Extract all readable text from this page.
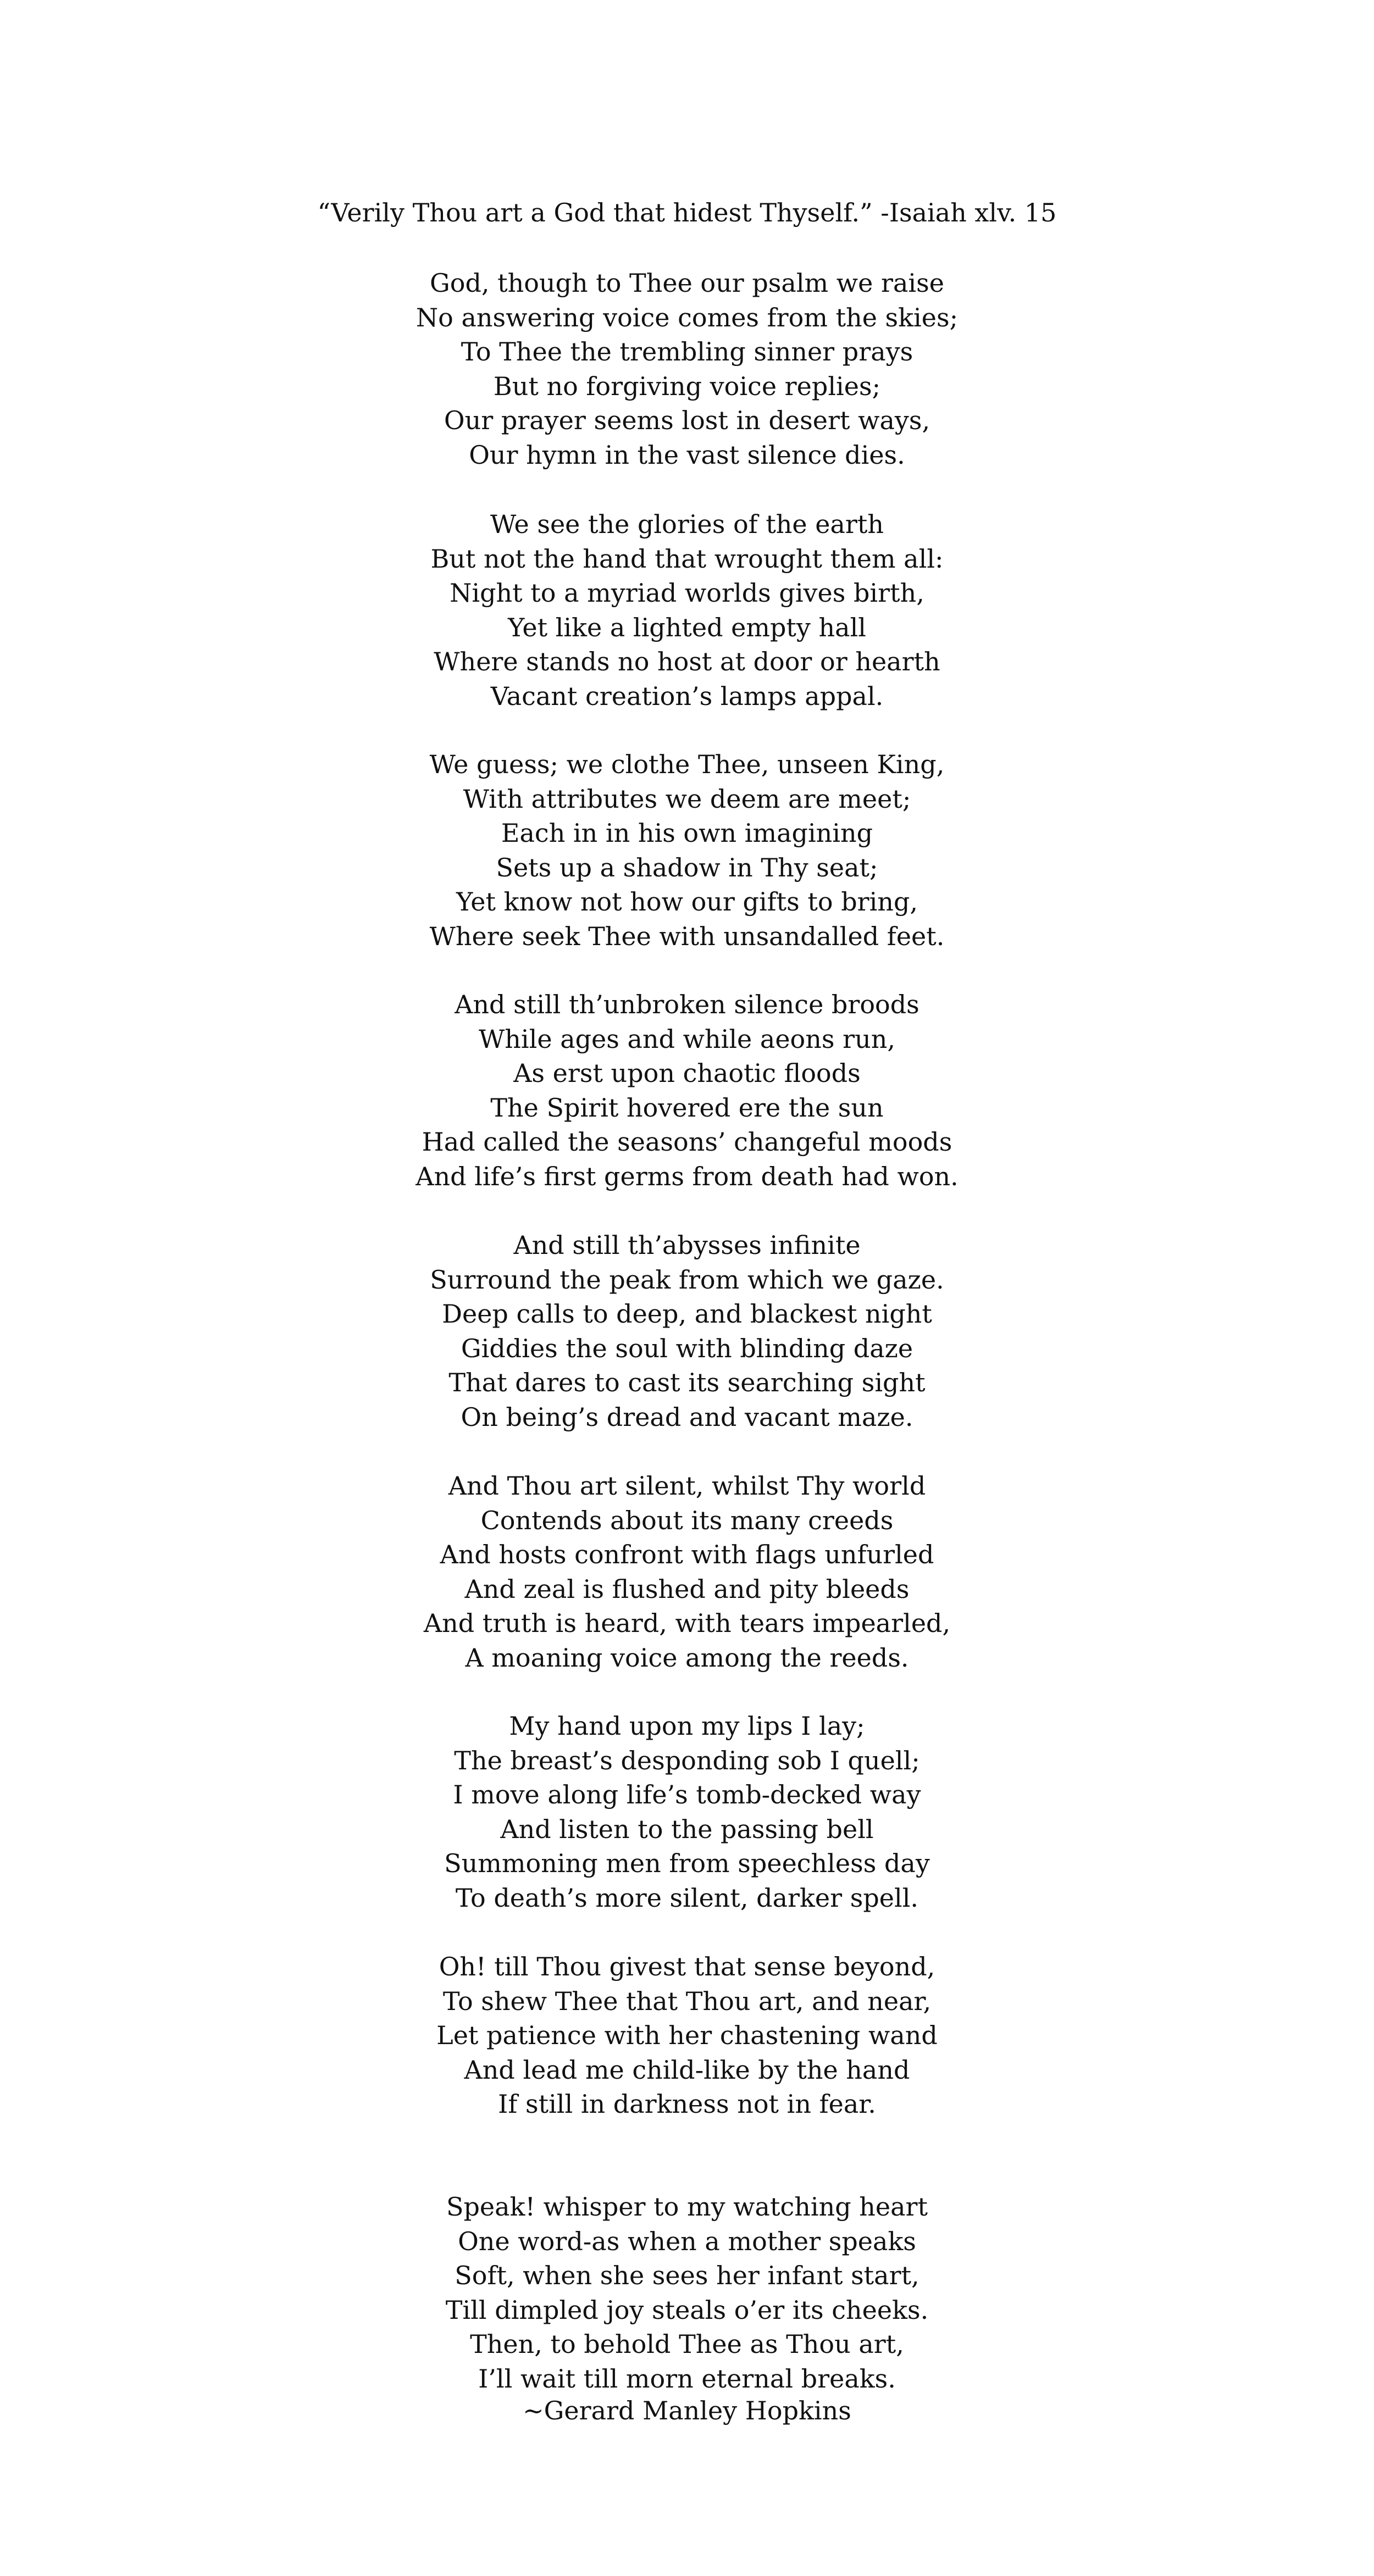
“Verily Thou art a God that hidest Thyself.” -Isaiah xlv. 15

God, though to Thee our psalm we raise
No answering voice comes from the skies;
To Thee the trembling sinner prays
But no forgiving voice replies;
Our prayer seems lost in desert ways,
Our hymn in the vast silence dies.
We see the glories of the earth
But not the hand that wrought them all:
Night to a myriad worlds gives birth,
Yet like a lighted empty hall
Where stands no host at door or hearth
Vacant creation’s lamps appal.
We guess; we clothe Thee, unseen King,
With attributes we deem are meet;
Each in in his own imagining
Sets up a shadow in Thy seat;
Yet know not how our gifts to bring,
Where seek Thee with unsandalled feet.
And still th’unbroken silence broods
While ages and while aeons run,
As erst upon chaotic floods
The Spirit hovered ere the sun
Had called the seasons’ changeful moods
And life’s first germs from death had won.
And still th’abysses infinite
Surround the peak from which we gaze.
Deep calls to deep, and blackest night
Giddies the soul with blinding daze
That dares to cast its searching sight
On being’s dread and vacant maze.
And Thou art silent, whilst Thy world
Contends about its many creeds
And hosts confront with flags unfurled
And zeal is flushed and pity bleeds
And truth is heard, with tears impearled,
A moaning voice among the reeds.
My hand upon my lips I lay;
The breast’s desponding sob I quell;
I move along life’s tomb-decked way
And listen to the passing bell
Summoning men from speechless day
To death’s more silent, darker spell.
Oh! till Thou givest that sense beyond,
To shew Thee that Thou art, and near,
Let patience with her chastening wand
And lead me child-like by the hand
If still in darkness not in fear.
Speak! whisper to my watching heart
One word-as when a mother speaks
Soft, when she sees her infant start,
Till dimpled joy steals o’er its cheeks.
Then, to behold Thee as Thou art,
I’ll wait till morn eternal breaks.

~Gerard Manley Hopkins
